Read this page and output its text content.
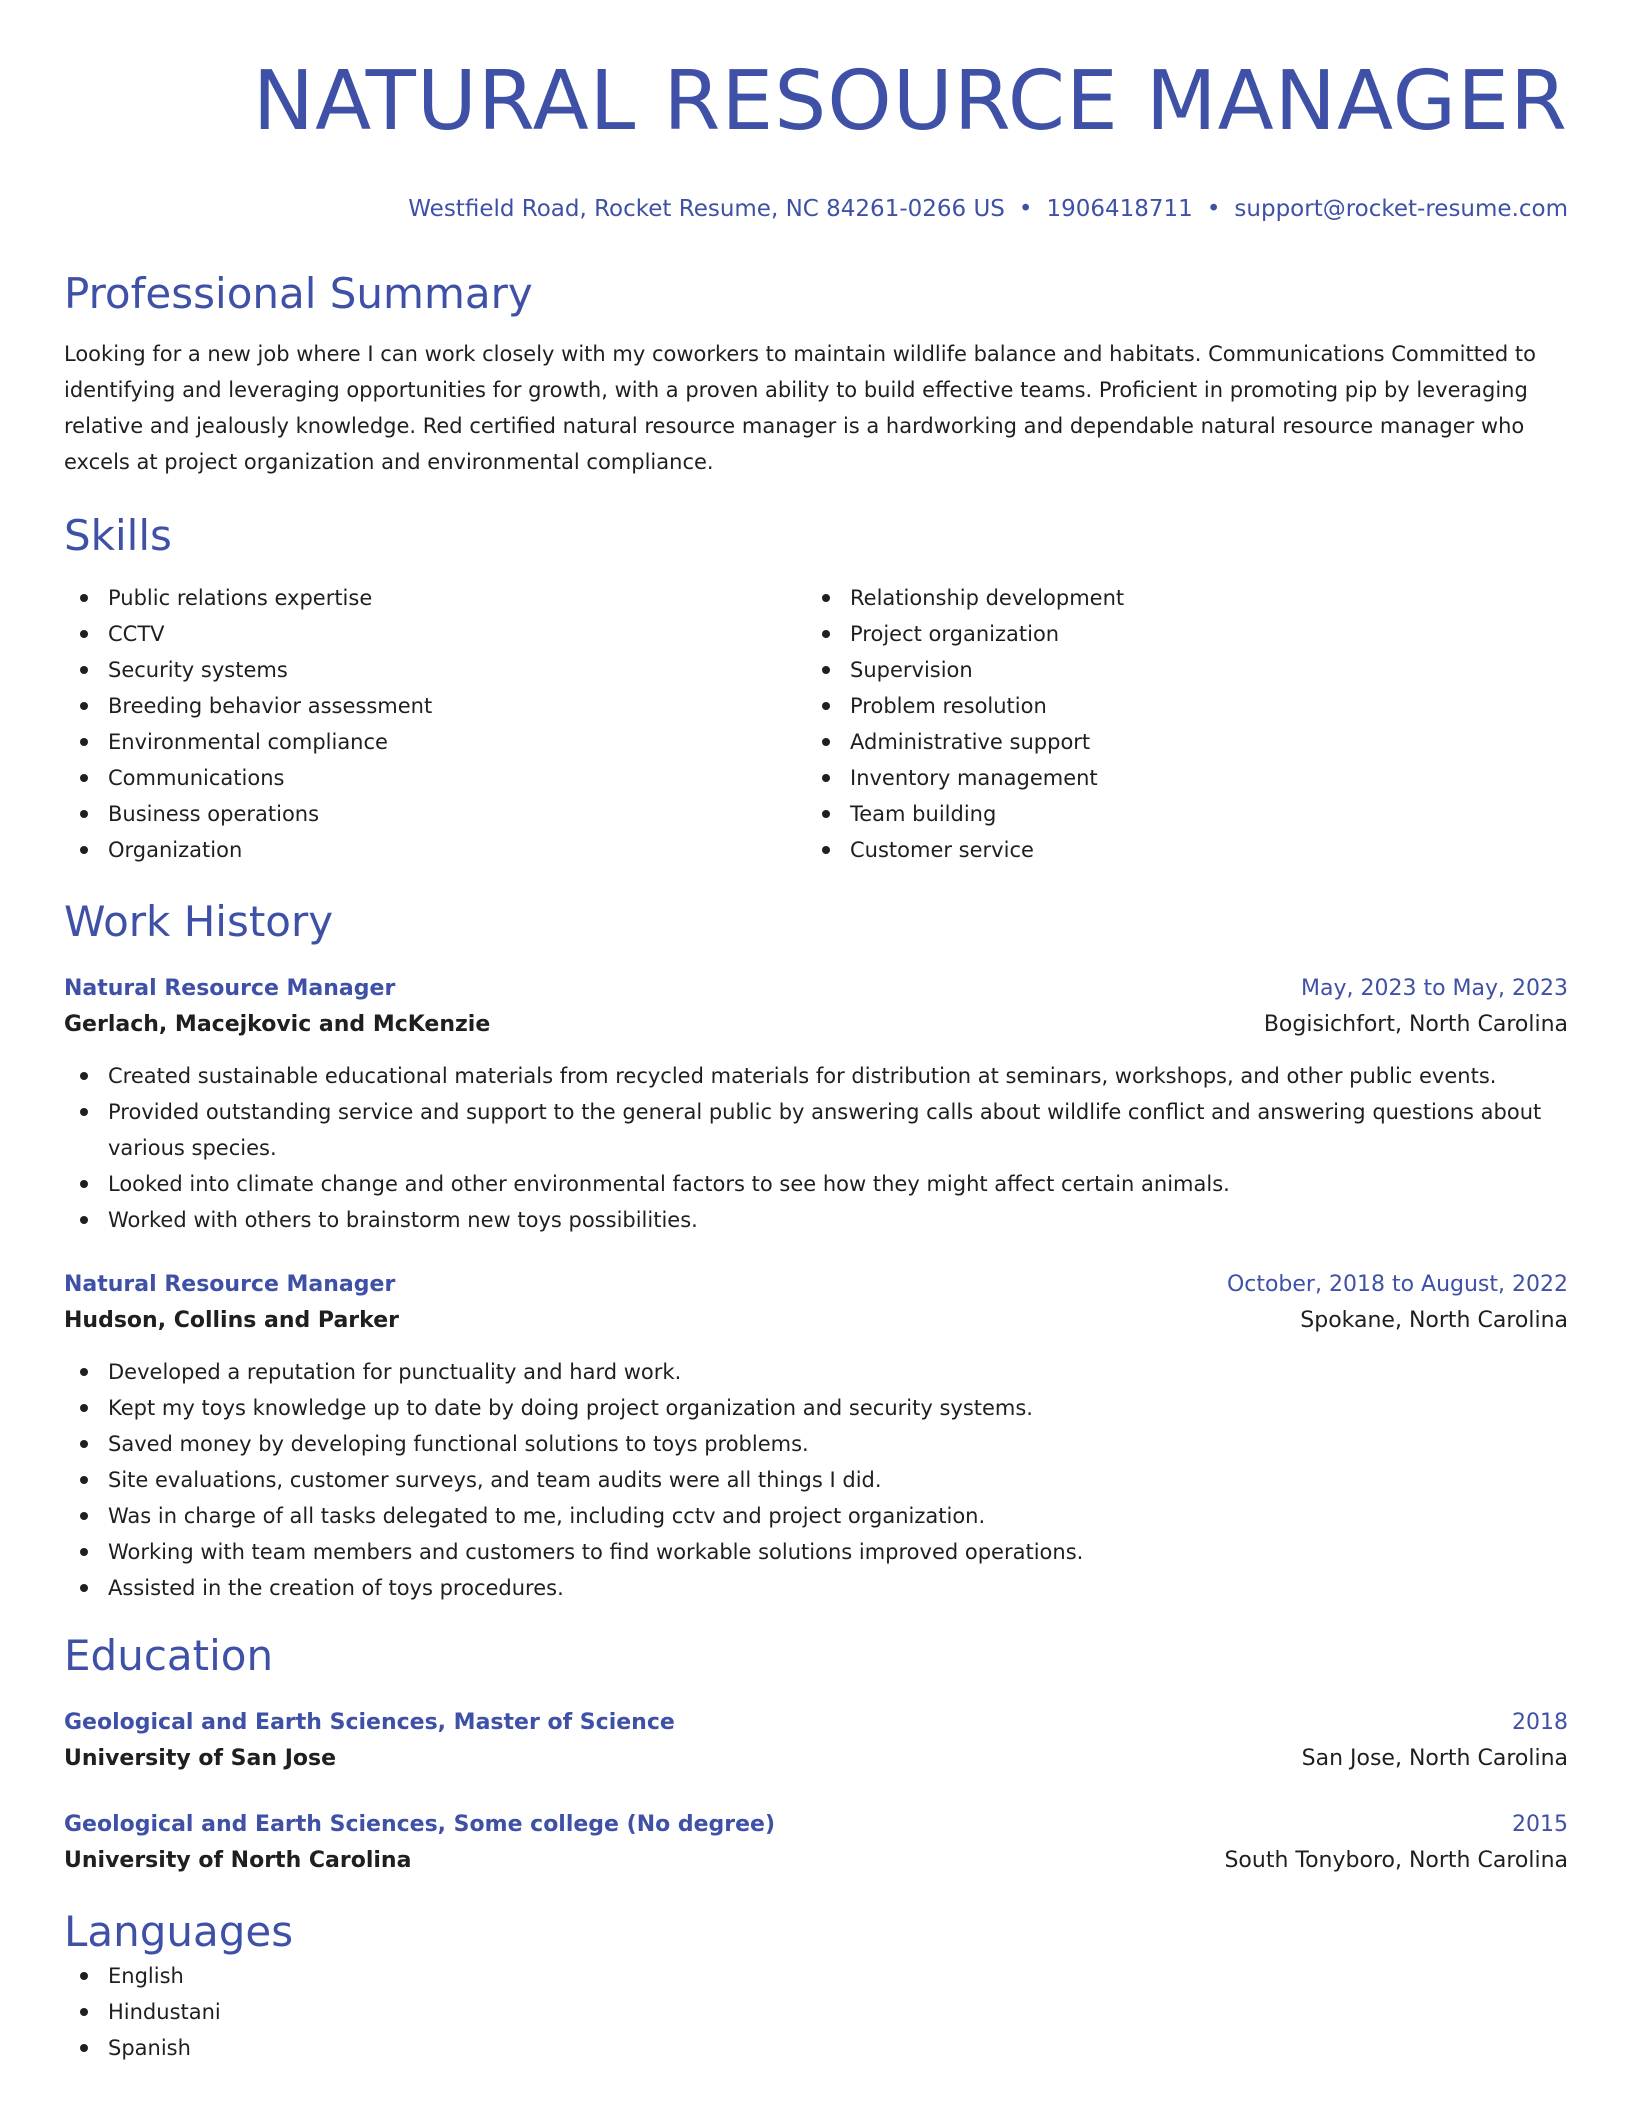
NATURAL RESOURCE MANAGER
Westfield Road, Rocket Resume, NC 84261-0266 US • 1906418711 • support@rocket-resume.com
Professional Summary

Looking for a new job where I can work closely with my coworkers to maintain wildlife balance and habitats. Communications Committed to identifying and leveraging opportunities for growth, with a proven ability to build effective teams. Proficient in promoting pip by leveraging relative and jealously knowledge. Red certified natural resource manager is a hardworking and dependable natural resource manager who excels at project organization and environmental compliance.

Skills
Public relations expertise
CCTV
Security systems
Breeding behavior assessment
Environmental compliance
Communications
Business operations
Organization
Relationship development
Project organization
Supervision
Problem resolution
Administrative support
Inventory management
Team building
Customer service
Work History
Natural Resource Manager	May, 2023 to May, 2023
Gerlach, Macejkovic and McKenzie	Bogisichfort, North Carolina
Created sustainable educational materials from recycled materials for distribution at seminars, workshops, and other public events.
Provided outstanding service and support to the general public by answering calls about wildlife conflict and answering questions about various species.
Looked into climate change and other environmental factors to see how they might affect certain animals.
Worked with others to brainstorm new toys possibilities.
Natural Resource Manager	October, 2018 to August, 2022
Hudson, Collins and Parker	Spokane, North Carolina
Developed a reputation for punctuality and hard work.
Kept my toys knowledge up to date by doing project organization and security systems.
Saved money by developing functional solutions to toys problems.
Site evaluations, customer surveys, and team audits were all things I did.
Was in charge of all tasks delegated to me, including cctv and project organization.
Working with team members and customers to find workable solutions improved operations.
Assisted in the creation of toys procedures.
Education
Geological and Earth Sciences, Master of Science	2018
University of San Jose	San Jose, North Carolina
Geological and Earth Sciences, Some college (No degree)	2015
University of North Carolina	South Tonyboro, North Carolina
Languages
English
Hindustani
Spanish
